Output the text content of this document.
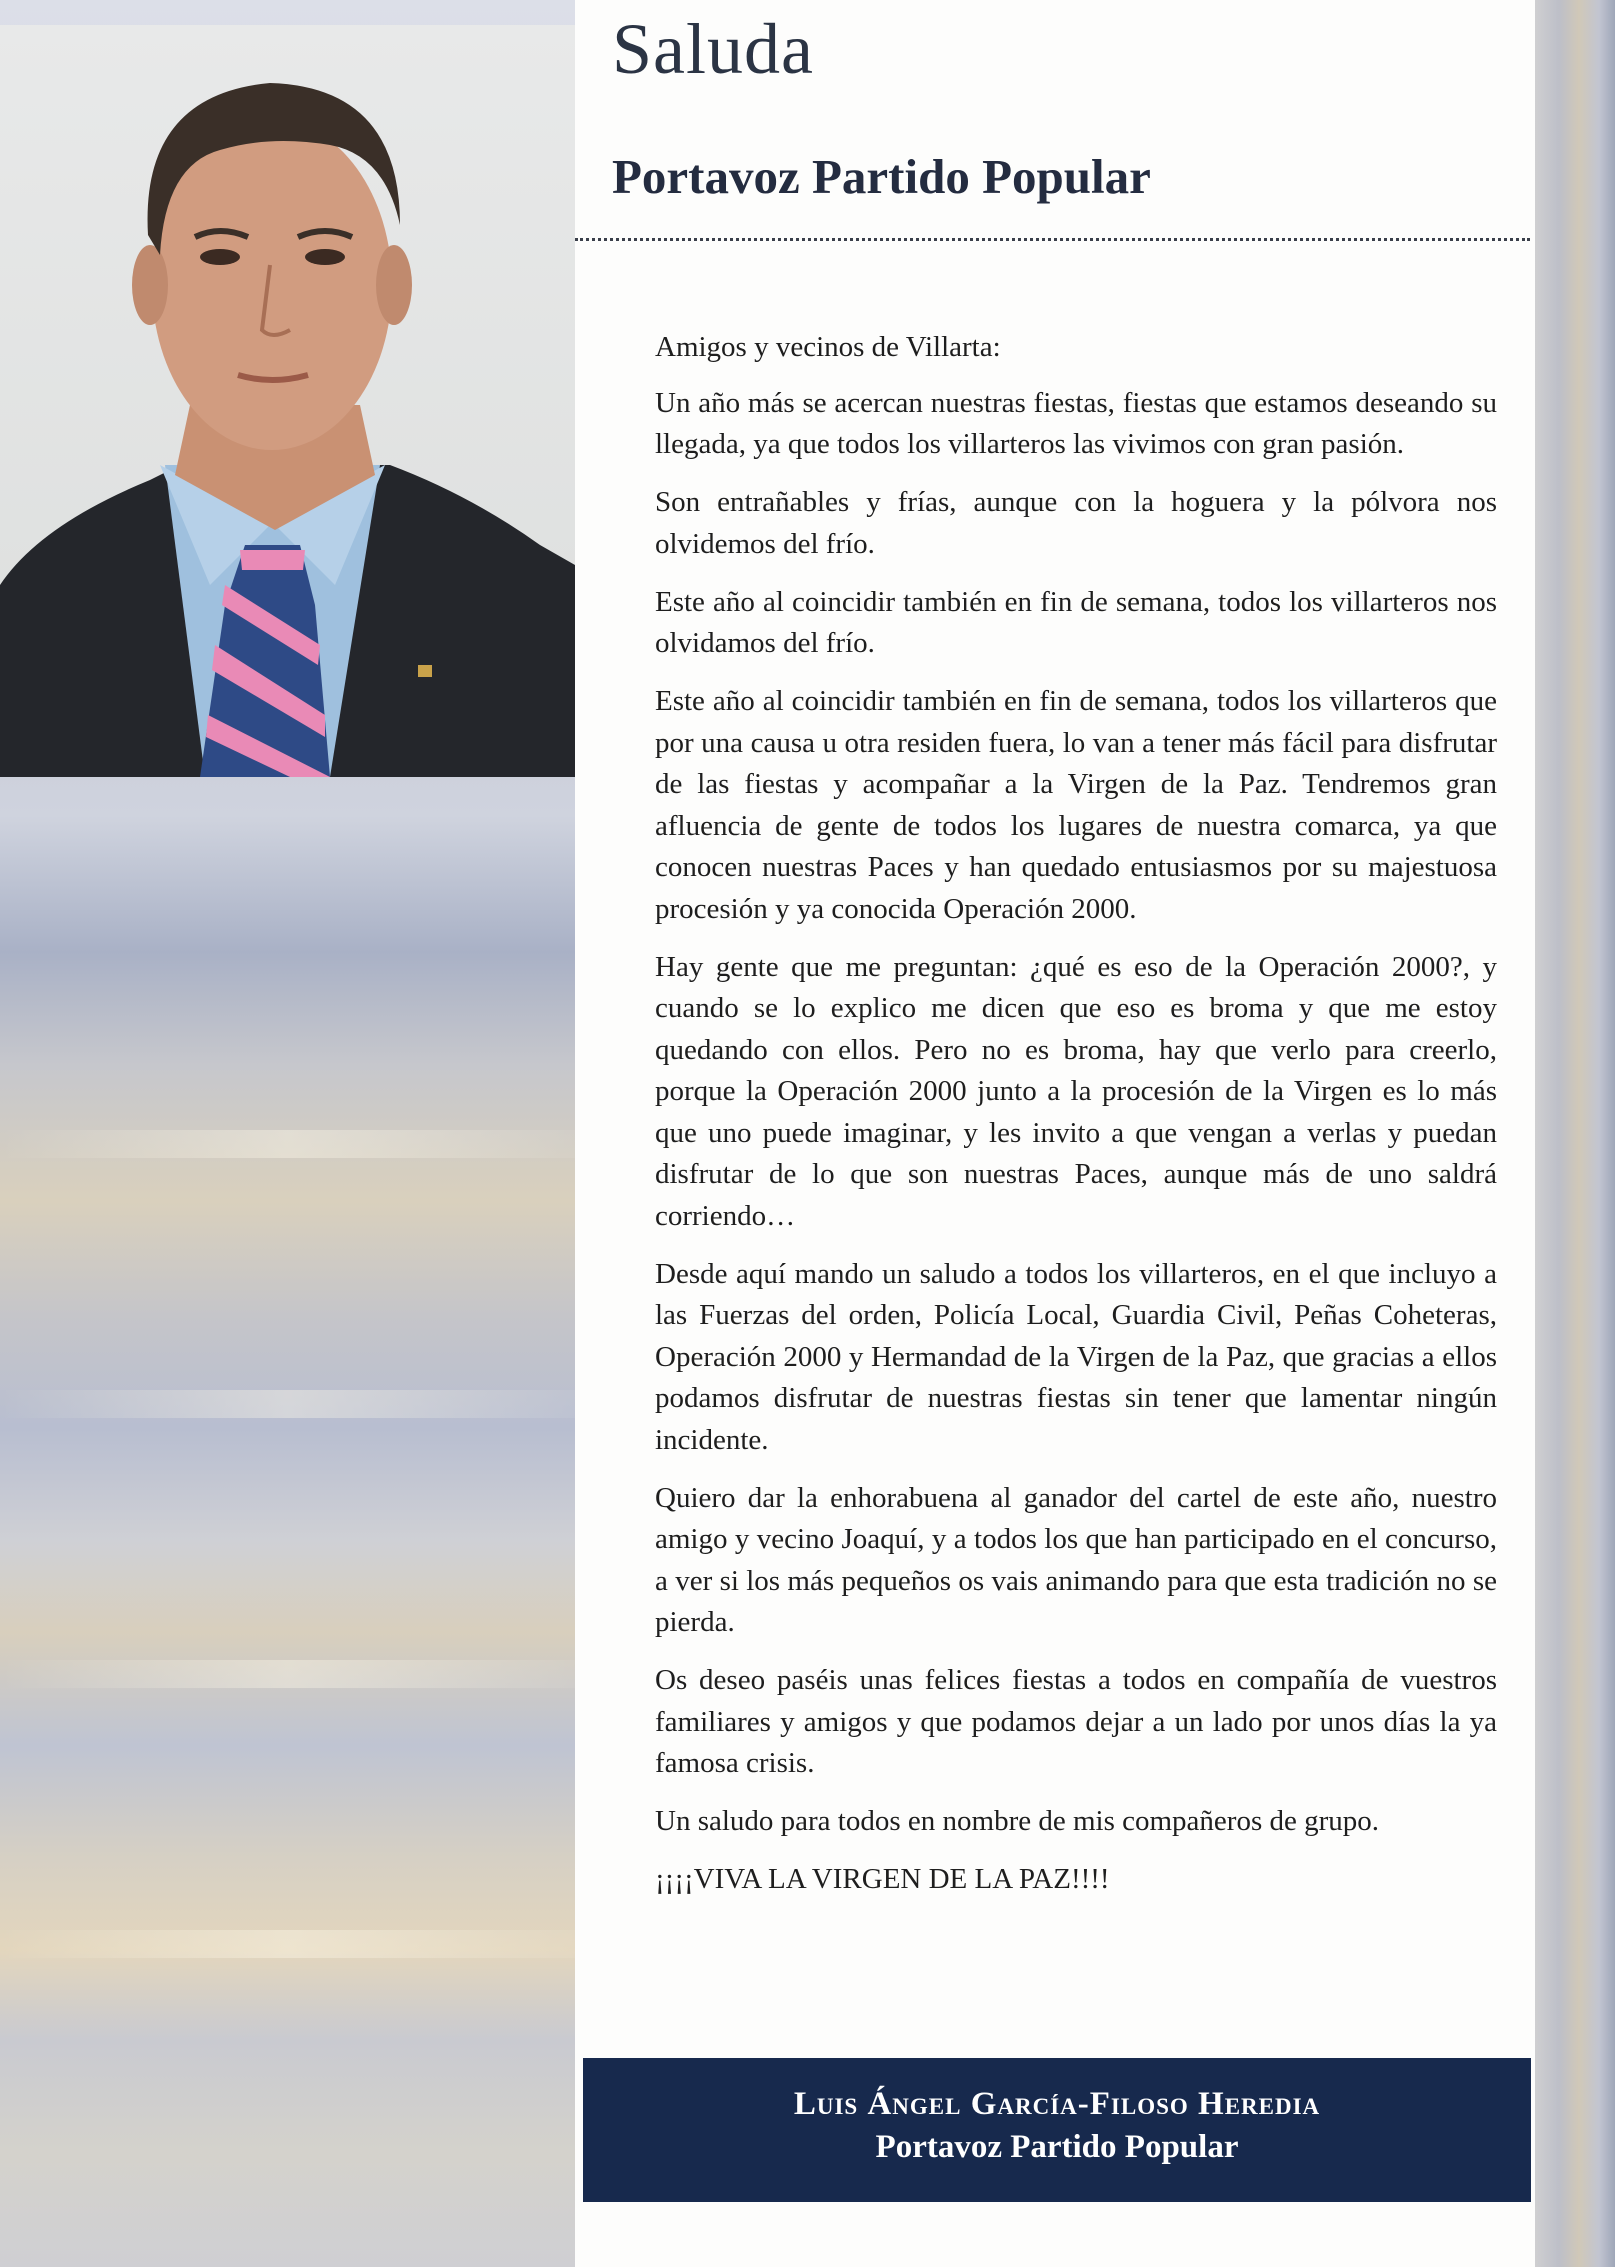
Saluda
Portavoz Partido Popular

Amigos y vecinos de Villarta:

Un año más se acercan nuestras fiestas, fiestas que estamos deseando su llegada, ya que todos los villarteros las vivimos con gran pasión.

Son entrañables y frías, aunque con la hoguera y la pólvora nos olvidemos del frío.

Este año al coincidir también en fin de semana, todos los villarteros nos olvidamos del frío.

Este año al coincidir también en fin de semana, todos los villarteros que por una causa u otra residen fuera, lo van a tener más fácil para disfrutar de las fiestas y acompañar a la Virgen de la Paz. Tendremos gran afluencia de gente de todos los lugares de nuestra comarca, ya que conocen nuestras Paces y han quedado entusiasmos por su majestuosa procesión y ya conocida Operación 2000.

Hay gente que me preguntan: ¿qué es eso de la Operación 2000?, y cuando se lo explico me dicen que eso es broma y que me estoy quedando con ellos. Pero no es broma, hay que verlo para creerlo, porque la Operación 2000 junto a la procesión de la Virgen es lo más que uno puede imaginar, y les invito a que vengan a verlas y puedan disfrutar de lo que son nuestras Paces, aunque más de uno saldrá corriendo…

Desde aquí mando un saludo a todos los villarteros, en el que incluyo a las Fuerzas del orden, Policía Local, Guardia Civil, Peñas Coheteras, Operación 2000 y Hermandad de la Virgen de la Paz, que gracias a ellos podamos disfrutar de nuestras fiestas sin tener que lamentar ningún incidente.

Quiero dar la enhorabuena al ganador del cartel de este año, nuestro amigo y vecino Joaquí, y a todos los que han participado en el concurso, a ver si los más pequeños os vais animando para que esta tradición no se pierda.

Os deseo paséis unas felices fiestas a todos en compañía de vuestros familiares y amigos y que podamos dejar a un lado por unos días la ya famosa crisis.

Un saludo para todos en nombre de mis compañeros de grupo.

¡¡¡¡VIVA LA VIRGEN DE LA PAZ!!!!

Luis Ángel García-Filoso Heredia
Portavoz Partido Popular
